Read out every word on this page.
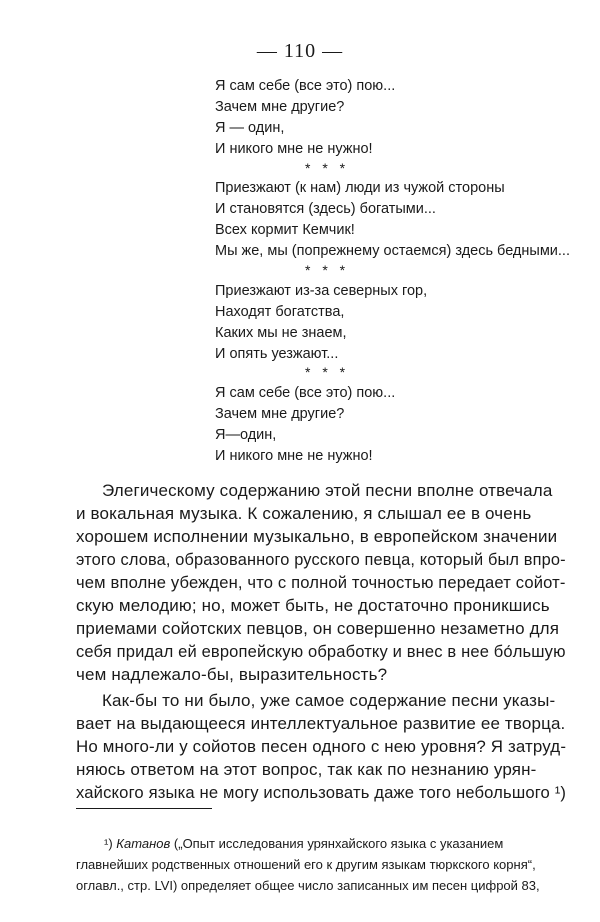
— 110 —
Я сам себе (все это) пою...
Зачем мне другие?
Я — один,
И никого мне не нужно!
* * *
Приезжают (к нам) люди из чужой стороны
И становятся (здесь) богатыми...
Всех кормит Кемчик!
Мы же, мы (попрежнему остаемся) здесь бедными...
* * *
Приезжают из-за северных гор,
Находят богатства,
Каких мы не знаем,
И опять уезжают...
* * *
Я сам себе (все это) пою...
Зачем мне другие?
Я—один,
И никого мне не нужно!
Элегическому содержанию этой песни вполне отвечала
и вокальная музыка. К сожалению, я слышал ее в очень
хорошем исполнении музыкально, в европейском значении
этого слова, образованного русского певца, который был впро-
чем вполне убежден, что с полной точностью передает сойот-
скую мелодию; но, может быть, не достаточно проникшись
приемами сойотских певцов, он совершенно незаметно для
себя придал ей европейскую обработку и внес в нее бо́льшую
чем надлежало-бы, выразительность?
Как-бы то ни было, уже самое содержание песни указы-
вает на выдающееся интеллектуальное развитие ее творца.
Но много-ли у сойотов песен одного с нею уровня? Я затруд-
няюсь ответом на этот вопрос, так как по незнанию урян-
хайского языка не могу использовать даже того небольшого ¹)
¹) Катанов („Опыт исследования урянхайского языка с указанием
главнейших родственных отношений его к другим языкам тюркского корня“,
оглавл., стр. LVI) определяет общее число записанных им песен цифрой 83,
